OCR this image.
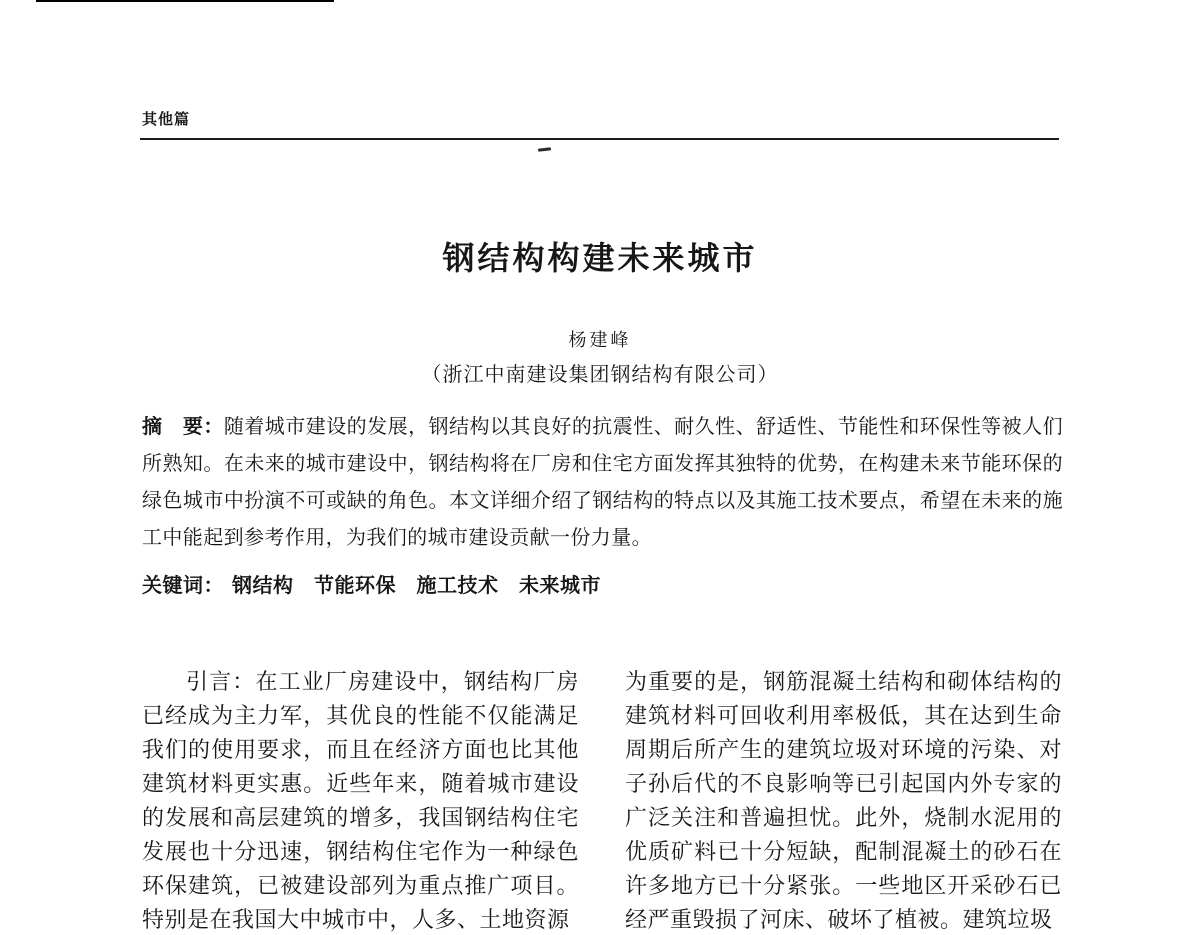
其他篇
钢结构构建未来城市
杨建峰
（浙江中南建设集团钢结构有限公司）

摘　要：随着城市建设的发展，钢结构以其良好的抗震性、耐久性、舒适性、节能性和环保性等被人们所熟知。在未来的城市建设中，钢结构将在厂房和住宅方面发挥其独特的优势，在构建未来节能环保的绿色城市中扮演不可或缺的角色。本文详细介绍了钢结构的特点以及其施工技术要点，希望在未来的施工中能起到参考作用，为我们的城市建设贡献一份力量。

关键词： 钢结构　节能环保　施工技术　未来城市

引言：在工业厂房建设中，钢结构厂房已经成为主力军，其优良的性能不仅能满足我们的使用要求，而且在经济方面也比其他建筑材料更实惠。近些年来，随着城市建设的发展和高层建筑的增多，我国钢结构住宅发展也十分迅速，钢结构住宅作为一种绿色环保建筑，已被建设部列为重点推广项目。特别是在我国大中城市中，人多、土地资源

为重要的是，钢筋混凝土结构和砌体结构的建筑材料可回收利用率极低，其在达到生命周期后所产生的建筑垃圾对环境的污染、对子孙后代的不良影响等已引起国内外专家的广泛关注和普遍担忧。此外，烧制水泥用的优质矿料已十分短缺，配制混凝土的砂石在许多地方已十分紧张。一些地区开采砂石已经严重毁损了河床、破坏了植被。建筑垃圾
